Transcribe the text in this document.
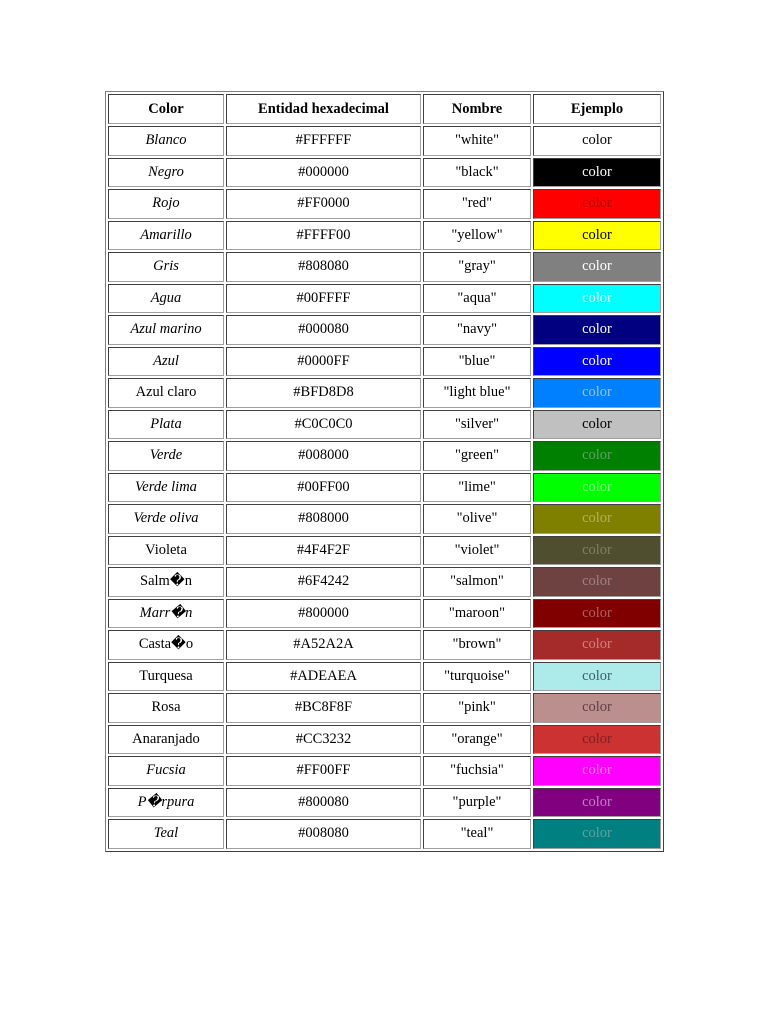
Color	Entidad hexadecimal	Nombre	Ejemplo
Blanco	#FFFFFF	"white"	color
Negro	#000000	"black"	color
Rojo	#FF0000	"red"	color
Amarillo	#FFFF00	"yellow"	color
Gris	#808080	"gray"	color
Agua	#00FFFF	"aqua"	color
Azul marino	#000080	"navy"	color
Azul	#0000FF	"blue"	color
Azul claro	#BFD8D8	"light blue"	color
Plata	#C0C0C0	"silver"	color
Verde	#008000	"green"	color
Verde lima	#00FF00	"lime"	color
Verde oliva	#808000	"olive"	color
Violeta	#4F4F2F	"violet"	color
Salm�n	#6F4242	"salmon"	color
Marr�n	#800000	"maroon"	color
Casta�o	#A52A2A	"brown"	color
Turquesa	#ADEAEA	"turquoise"	color
Rosa	#BC8F8F	"pink"	color
Anaranjado	#CC3232	"orange"	color
Fucsia	#FF00FF	"fuchsia"	color
P�rpura	#800080	"purple"	color
Teal	#008080	"teal"	color
